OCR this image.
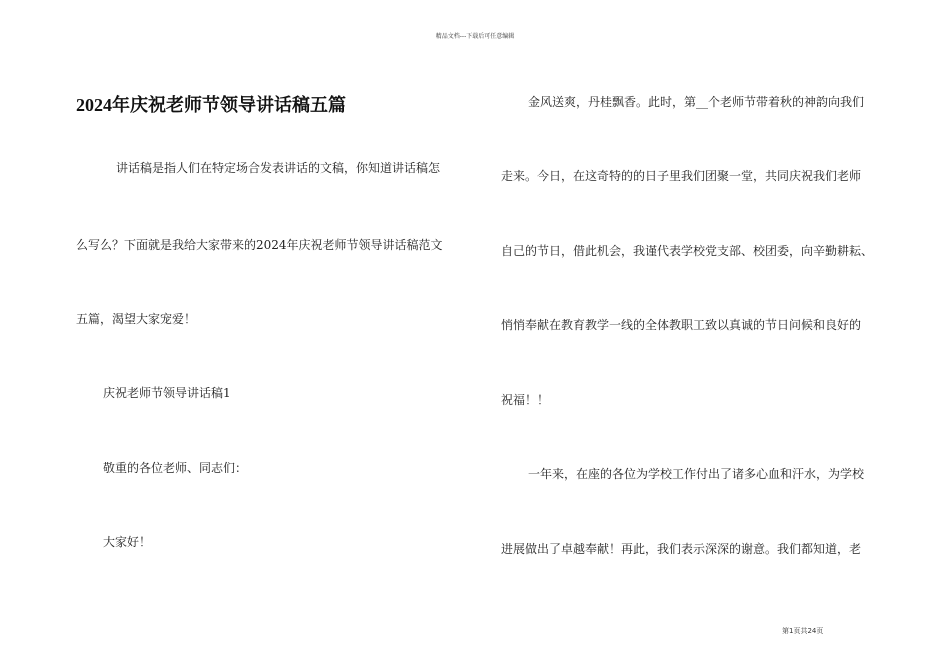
精品文档---下载后可任意编辑
2024年庆祝老师节领导讲话稿五篇
讲话稿是指人们在特定场合发表讲话的文稿，你知道讲话稿怎
么写么？下面就是我给大家带来的2024年庆祝老师节领导讲话稿范文
五篇，渴望大家宠爱！
庆祝老师节领导讲话稿1
敬重的各位老师、同志们：
大家好！
金风送爽，丹桂飘香。此时，第__个老师节带着秋的神韵向我们
走来。今日，在这奇特的的日子里我们团聚一堂，共同庆祝我们老师
自己的节日，借此机会，我谨代表学校党支部、校团委，向辛勤耕耘、
悄悄奉献在教育教学一线的全体教职工致以真诚的节日问候和良好的
祝福！！
一年来，在座的各位为学校工作付出了诸多心血和汗水，为学校
进展做出了卓越奉献！再此，我们表示深深的谢意。我们都知道，老
第1页共24页
